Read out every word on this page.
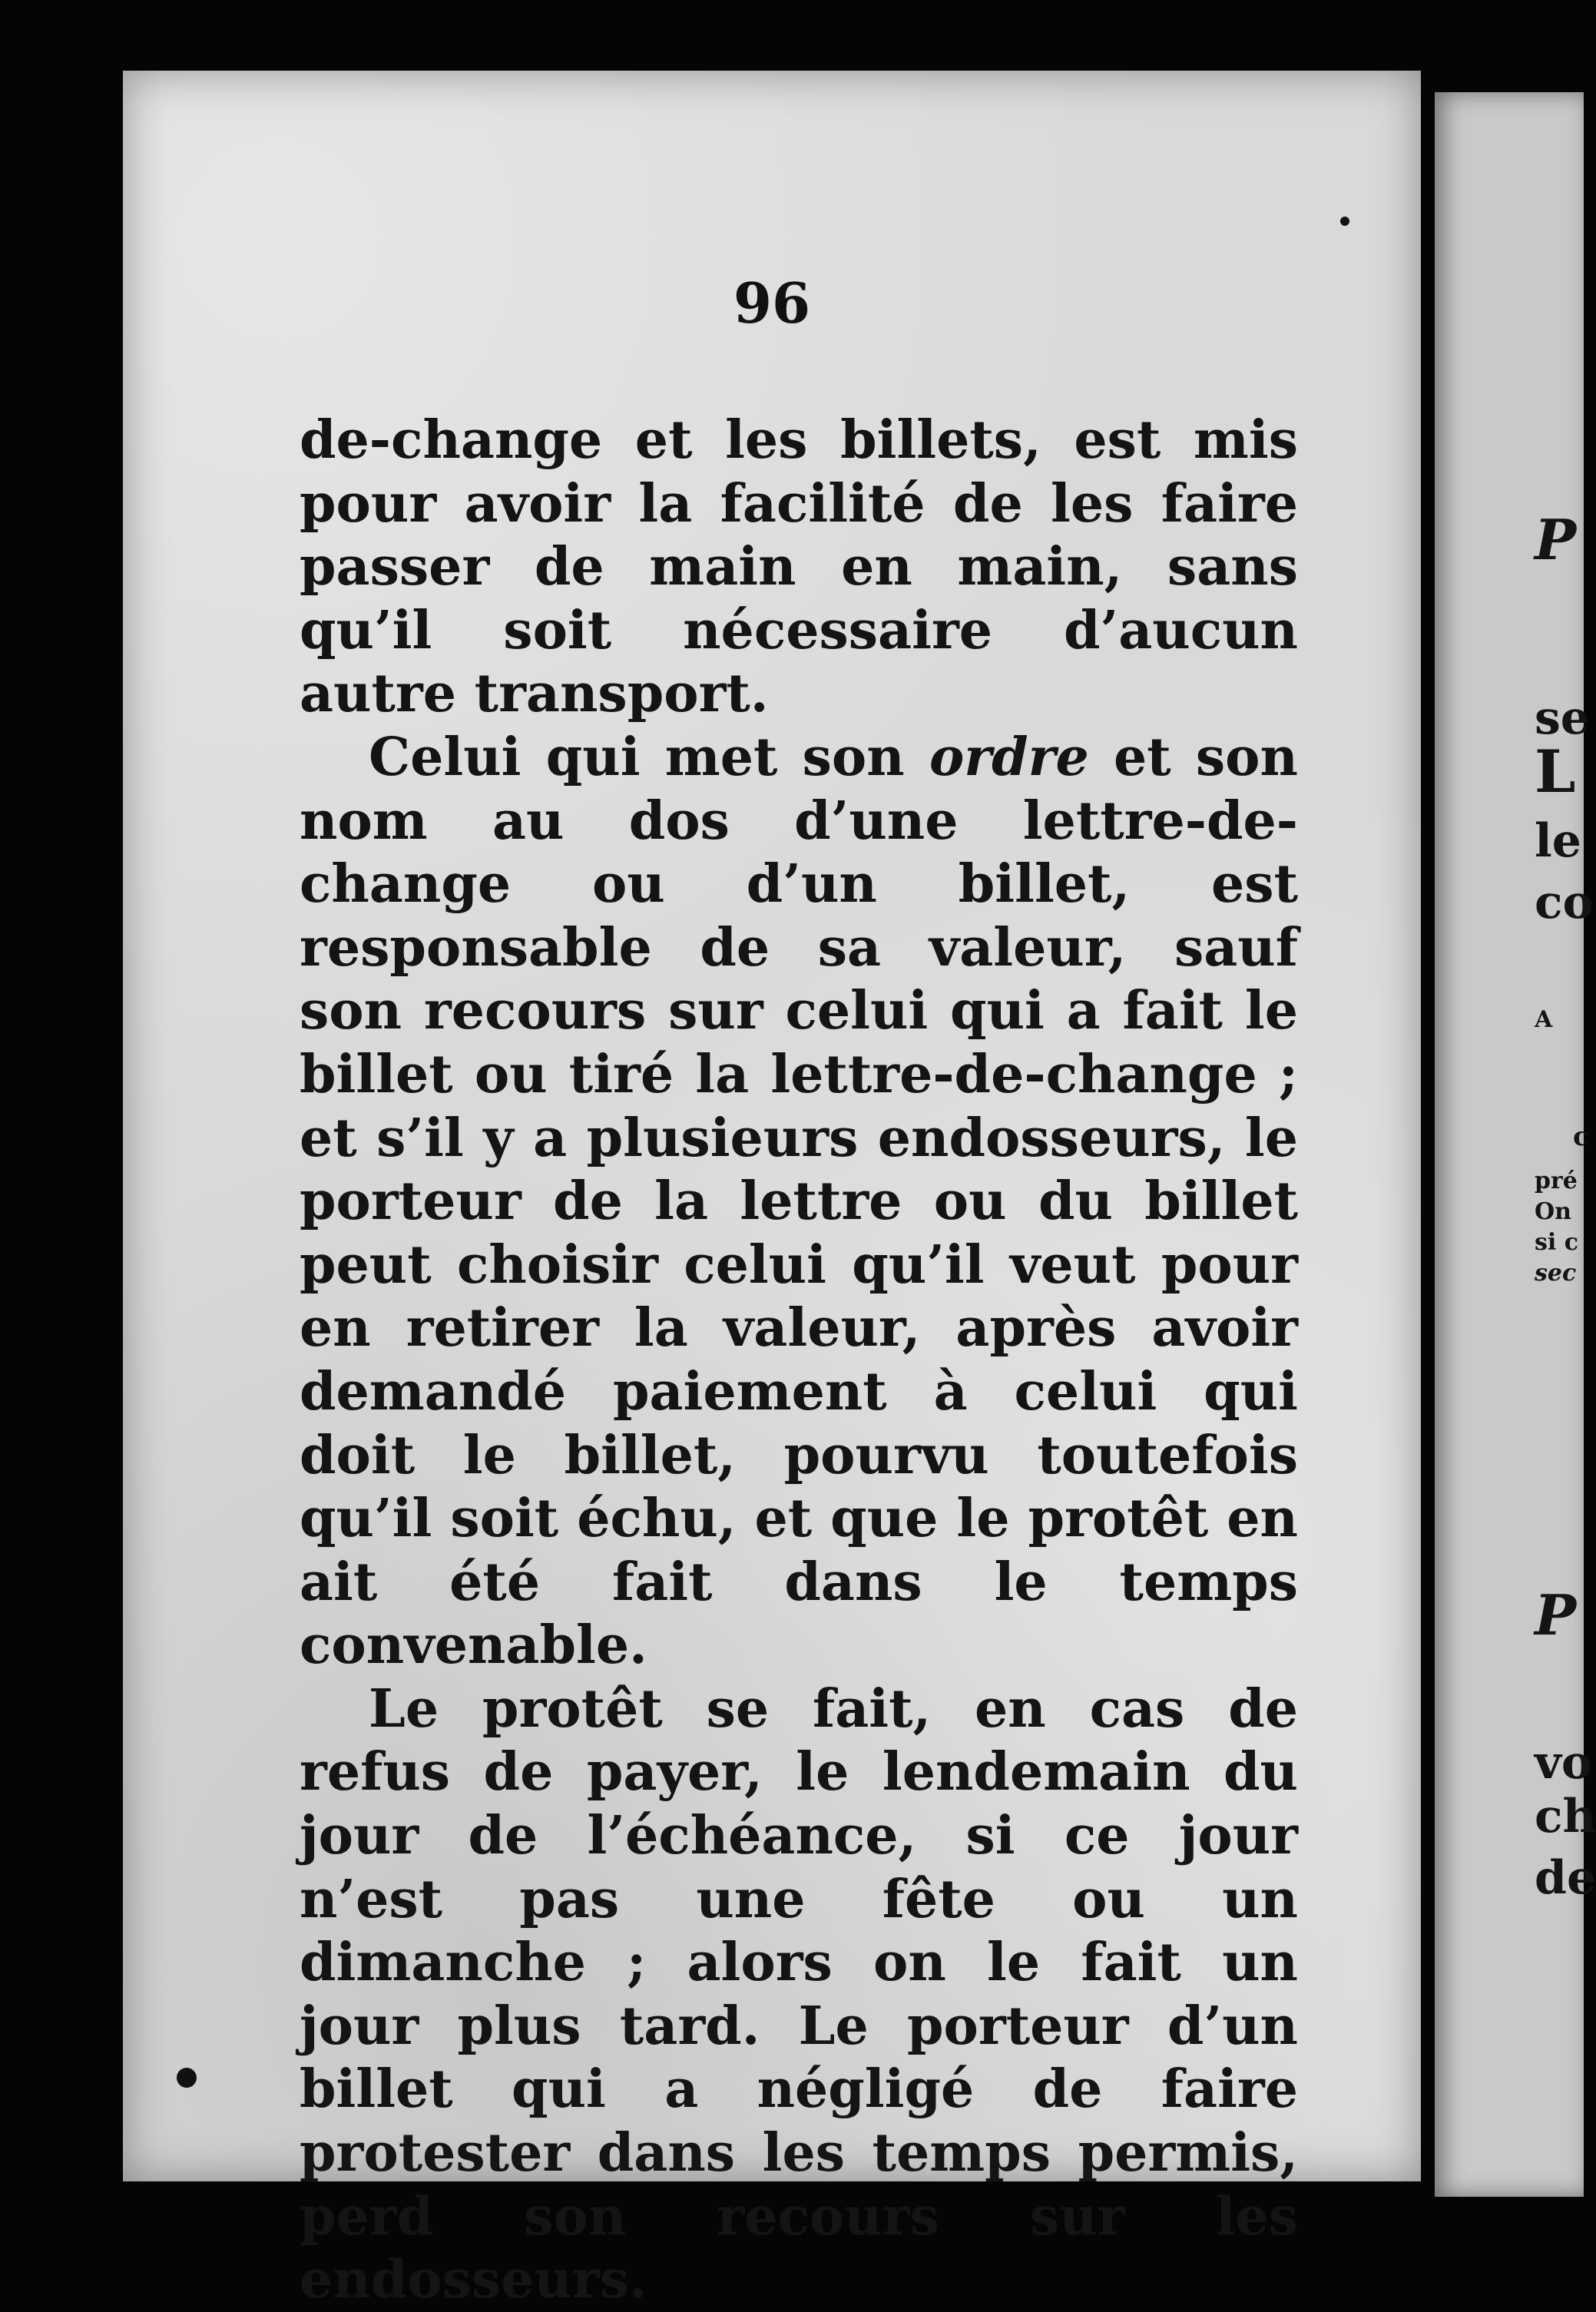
96

de-change et les billets, est mis pour avoir la facilité de les faire passer de main en main, sans qu’il soit nécessaire d’aucun autre transport.

Celui qui met son ordre et son nom au dos d’une lettre-de-change ou d’un billet, est responsable de sa valeur, sauf son recours sur celui qui a fait le billet ou tiré la lettre-de-change ; et s’il y a plusieurs endosseurs, le porteur de la lettre ou du billet peut choisir celui qu’il veut pour en retirer la valeur, après avoir demandé paiement à celui qui doit le billet, pourvu toutefois qu’il soit échu, et que le protêt en ait été fait dans le temps convenable.

Le protêt se fait, en cas de refus de payer, le lendemain du jour de l’échéance, si ce jour n’est pas une fête ou un dimanche ; alors on le fait un jour plus tard. Le porteur d’un billet qui a négligé de faire protester dans les temps permis, perd son recours sur les endosseurs.

P
se
L
le
co
A
c
pré
On
si c
sec
P
vo
ch
de
